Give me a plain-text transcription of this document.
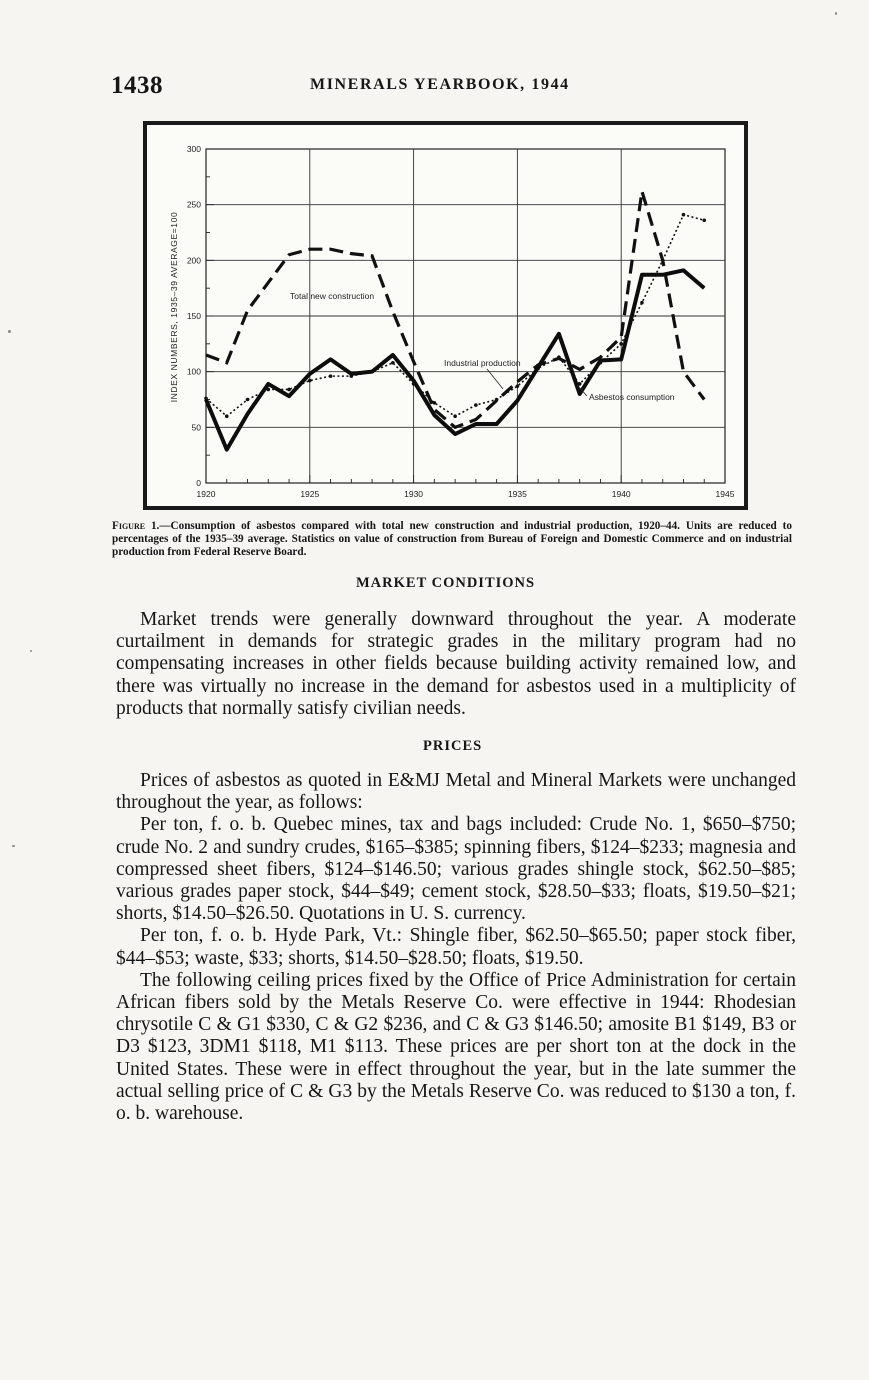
1438	MINERALS YEARBOOK, 1944
0
50
100
150
200
250
300
1920	1925	1930	1935	1940	1945
INDEX NUMBERS, 1935–39 AVERAGE=100	Total new construction
Industrial production
Asbestos consumption
Figure 1.—Consumption of asbestos compared with total new construction and industrial production, 1920–44. Units are reduced to percentages of the 1935–39 average. Statistics on value of construction from Bureau of Foreign and Domestic Commerce and on industrial production from Federal Reserve Board.
MARKET CONDITIONS

Market trends were generally downward throughout the year. A moderate curtailment in demands for strategic grades in the military program had no compensating increases in other fields because building activity remained low, and there was virtually no increase in the demand for asbestos used in a multiplicity of products that normally satisfy civilian needs.

PRICES

Prices of asbestos as quoted in E&MJ Metal and Mineral Markets were unchanged throughout the year, as follows:

Per ton, f. o. b. Quebec mines, tax and bags included: Crude No. 1, $650–$750; crude No. 2 and sundry crudes, $165–$385; spinning fibers, $124–$233; magnesia and compressed sheet fibers, $124–$146.50; various grades shingle stock, $62.50–$85; various grades paper stock, $44–$49; cement stock, $28.50–$33; floats, $19.50–$21; shorts, $14.50–$26.50. Quotations in U. S. currency.

Per ton, f. o. b. Hyde Park, Vt.: Shingle fiber, $62.50–$65.50; paper stock fiber, $44–$53; waste, $33; shorts, $14.50–$28.50; floats, $19.50.

The following ceiling prices fixed by the Office of Price Administration for certain African fibers sold by the Metals Reserve Co. were effective in 1944: Rhodesian chrysotile C & G1 $330, C & G2 $236, and C & G3 $146.50; amosite B1 $149, B3 or D3 $123, 3DM1 $118, M1 $113. These prices are per short ton at the dock in the United States. These were in effect throughout the year, but in the late summer the actual selling price of C & G3 by the Metals Reserve Co. was reduced to $130 a ton, f. o. b. warehouse.
